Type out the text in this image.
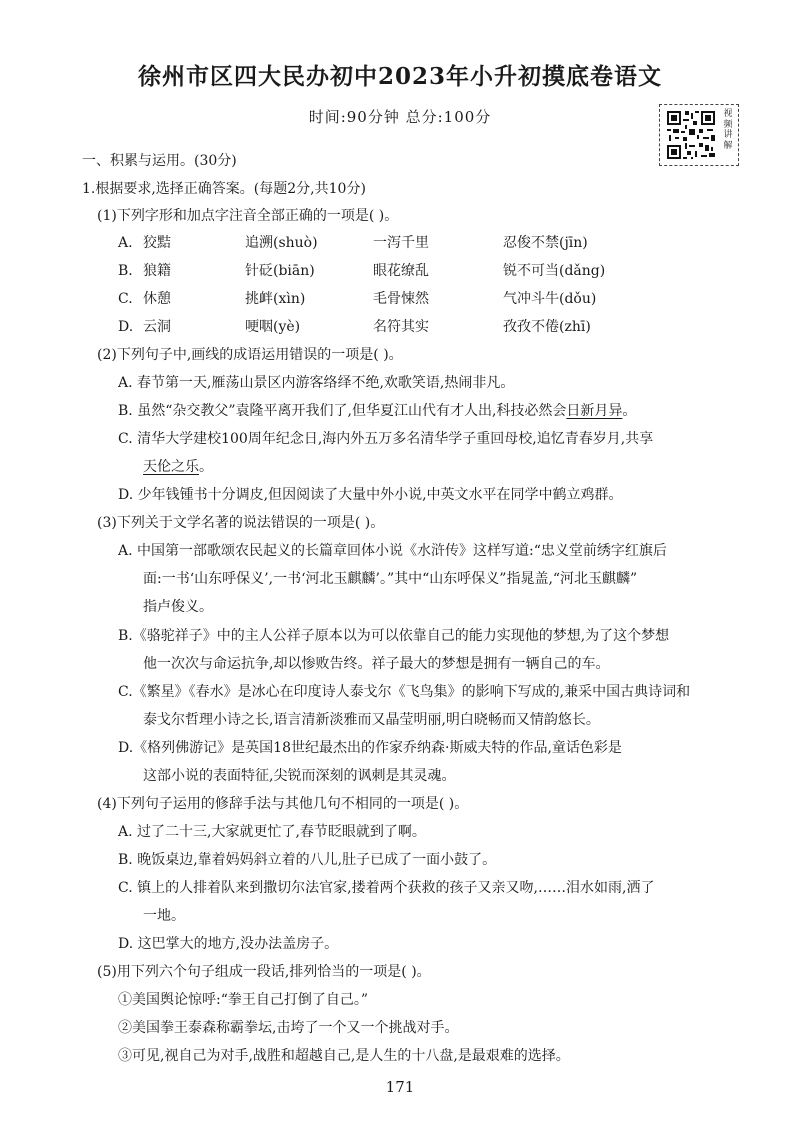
徐州市区四大民办初中2023年小升初摸底卷语文
时间:90分钟 总分:100分	视频讲解
一、积累与运用。(30分)
1.根据要求,选择正确答案。(每题2分,共10分)
(1)下列字形和加点字注音全部正确的一项是( )。
A. 狡黠	追溯(shuò)	一泻千里	忍俊不禁(jīn)
B. 狼籍	针砭(biān)	眼花缭乱	锐不可当(dǎng)
C. 休憩	挑衅(xìn)	毛骨悚然	气冲斗牛(dǒu)
D. 云洞	哽咽(yè)	名符其实	孜孜不倦(zhī)
(2)下列句子中,画线的成语运用错误的一项是( )。
A. 春节第一天,雁荡山景区内游客络绎不绝,欢歌笑语,热闹非凡。
B. 虽然“杂交教父”袁隆平离开我们了,但华夏江山代有才人出,科技必然会日新月异。
C. 清华大学建校100周年纪念日,海内外五万多名清华学子重回母校,追忆青春岁月,共享
天伦之乐。
D. 少年钱锺书十分调皮,但因阅读了大量中外小说,中英文水平在同学中鹤立鸡群。
(3)下列关于文学名著的说法错误的一项是( )。
A. 中国第一部歌颂农民起义的长篇章回体小说《水浒传》这样写道:“忠义堂前绣字红旗后
面:一书‘山东呼保义’,一书‘河北玉麒麟’。”其中“山东呼保义”指晁盖,“河北玉麒麟”
指卢俊义。
B.《骆驼祥子》中的主人公祥子原本以为可以依靠自己的能力实现他的梦想,为了这个梦想
他一次次与命运抗争,却以惨败告终。祥子最大的梦想是拥有一辆自己的车。
C.《繁星》《春水》是冰心在印度诗人泰戈尔《飞鸟集》的影响下写成的,兼采中国古典诗词和
泰戈尔哲理小诗之长,语言清新淡雅而又晶莹明丽,明白晓畅而又情韵悠长。
D.《格列佛游记》是英国18世纪最杰出的作家乔纳森·斯威夫特的作品,童话色彩是
这部小说的表面特征,尖锐而深刻的讽刺是其灵魂。
(4)下列句子运用的修辞手法与其他几句不相同的一项是( )。
A. 过了二十三,大家就更忙了,春节眨眼就到了啊。
B. 晚饭桌边,靠着妈妈斜立着的八儿,肚子已成了一面小鼓了。
C. 镇上的人排着队来到撒切尔法官家,搂着两个获救的孩子又亲又吻,……泪水如雨,洒了
一地。
D. 这巴掌大的地方,没办法盖房子。
(5)用下列六个句子组成一段话,排列恰当的一项是( )。
①美国舆论惊呼:“拳王自己打倒了自己。”
②美国拳王泰森称霸拳坛,击垮了一个又一个挑战对手。
③可见,视自己为对手,战胜和超越自己,是人生的十八盘,是最艰难的选择。
171
